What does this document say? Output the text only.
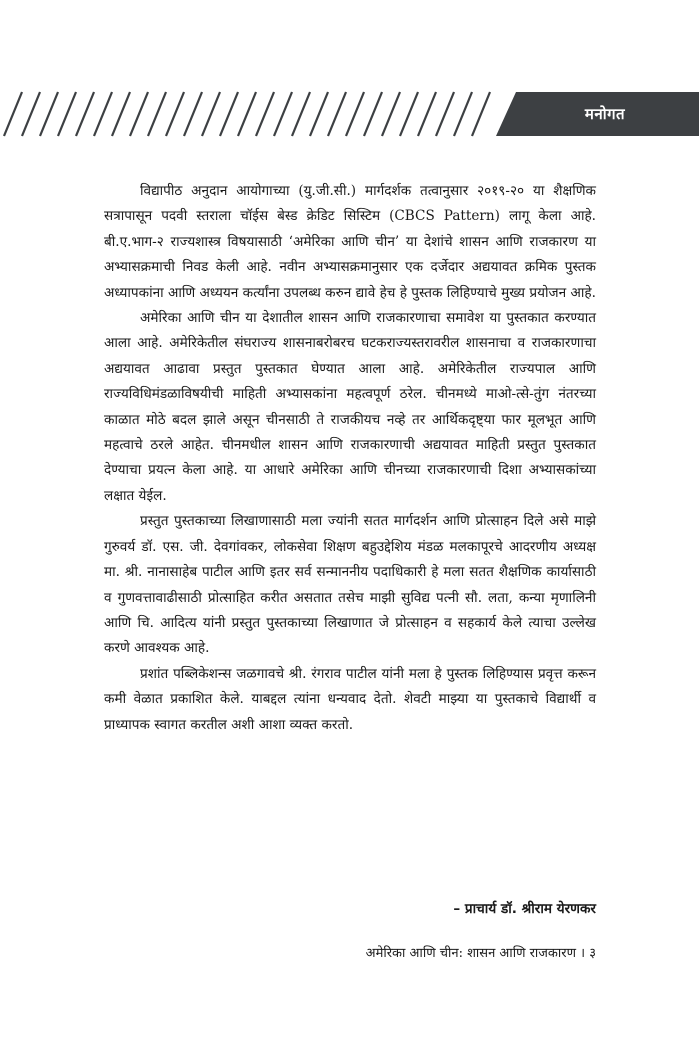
मनोगत

विद्यापीठ अनुदान आयोगाच्या (यु.जी.सी.) मार्गदर्शक तत्वानुसार २०१९-२० या शैक्षणिक सत्रापासून पदवी स्तराला चॉईस बेस्ड क्रेडिट सिस्टिम (CBCS Pattern) लागू केला आहे. बी.ए.भाग-२ राज्यशास्त्र विषयासाठी ‘अमेरिका आणि चीन’ या देशांचे शासन आणि राजकारण या अभ्यासक्रमाची निवड केली आहे. नवीन अभ्यासक्रमानुसार एक दर्जेदार अद्ययावत क्रमिक पुस्तक अध्यापकांना आणि अध्ययन कर्त्यांना उपलब्ध करुन द्यावे हेच हे पुस्तक लिहिण्याचे मुख्य प्रयोजन आहे.

अमेरिका आणि चीन या देशातील शासन आणि राजकारणाचा समावेश या पुस्तकात करण्यात आला आहे. अमेरिकेतील संघराज्य शासनाबरोबरच घटकराज्यस्तरावरील शासनाचा व राजकारणाचा अद्ययावत आढावा प्रस्तुत पुस्तकात घेण्यात आला आहे. अमेरिकेतील राज्यपाल आणि राज्यविधिमंडळाविषयीची माहिती अभ्यासकांना महत्वपूर्ण ठरेल. चीनमध्ये माओ-त्से-तुंग नंतरच्या काळात मोठे बदल झाले असून चीनसाठी ते राजकीयच नव्हे तर आर्थिकदृष्ट्या फार मूलभूत आणि महत्वाचे ठरले आहेत. चीनमधील शासन आणि राजकारणाची अद्ययावत माहिती प्रस्तुत पुस्तकात देण्याचा प्रयत्न केला आहे. या आधारे अमेरिका आणि चीनच्या राजकारणाची दिशा अभ्यासकांच्या लक्षात येईल.

प्रस्तुत पुस्तकाच्या लिखाणासाठी मला ज्यांनी सतत मार्गदर्शन आणि प्रोत्साहन दिले असे माझे गुरुवर्य डॉ. एस. जी. देवगांवकर, लोकसेवा शिक्षण बहुउद्देशिय मंडळ मलकापूरचे आदरणीय अध्यक्ष मा. श्री. नानासाहेब पाटील आणि इतर सर्व सन्माननीय पदाधिकारी हे मला सतत शैक्षणिक कार्यासाठी व गुणवत्तावाढीसाठी प्रोत्साहित करीत असतात तसेच माझी सुविद्य पत्नी सौ. लता, कन्या मृणालिनी आणि चि. आदित्य यांनी प्रस्तुत पुस्तकाच्या लिखाणात जे प्रोत्साहन व सहकार्य केले त्याचा उल्लेख करणे आवश्यक आहे.

प्रशांत पब्लिकेशन्स जळगावचे श्री. रंगराव पाटील यांनी मला हे पुस्तक लिहिण्यास प्रवृत्त करून कमी वेळात प्रकाशित केले. याबद्दल त्यांना धन्यवाद देतो. शेवटी माझ्या या पुस्तकाचे विद्यार्थी व प्राध्यापक स्वागत करतील अशी आशा व्यक्त करतो.

– प्राचार्य डॉ. श्रीराम येरणकर
अमेरिका आणि चीन: शासन आणि राजकारण । ३
